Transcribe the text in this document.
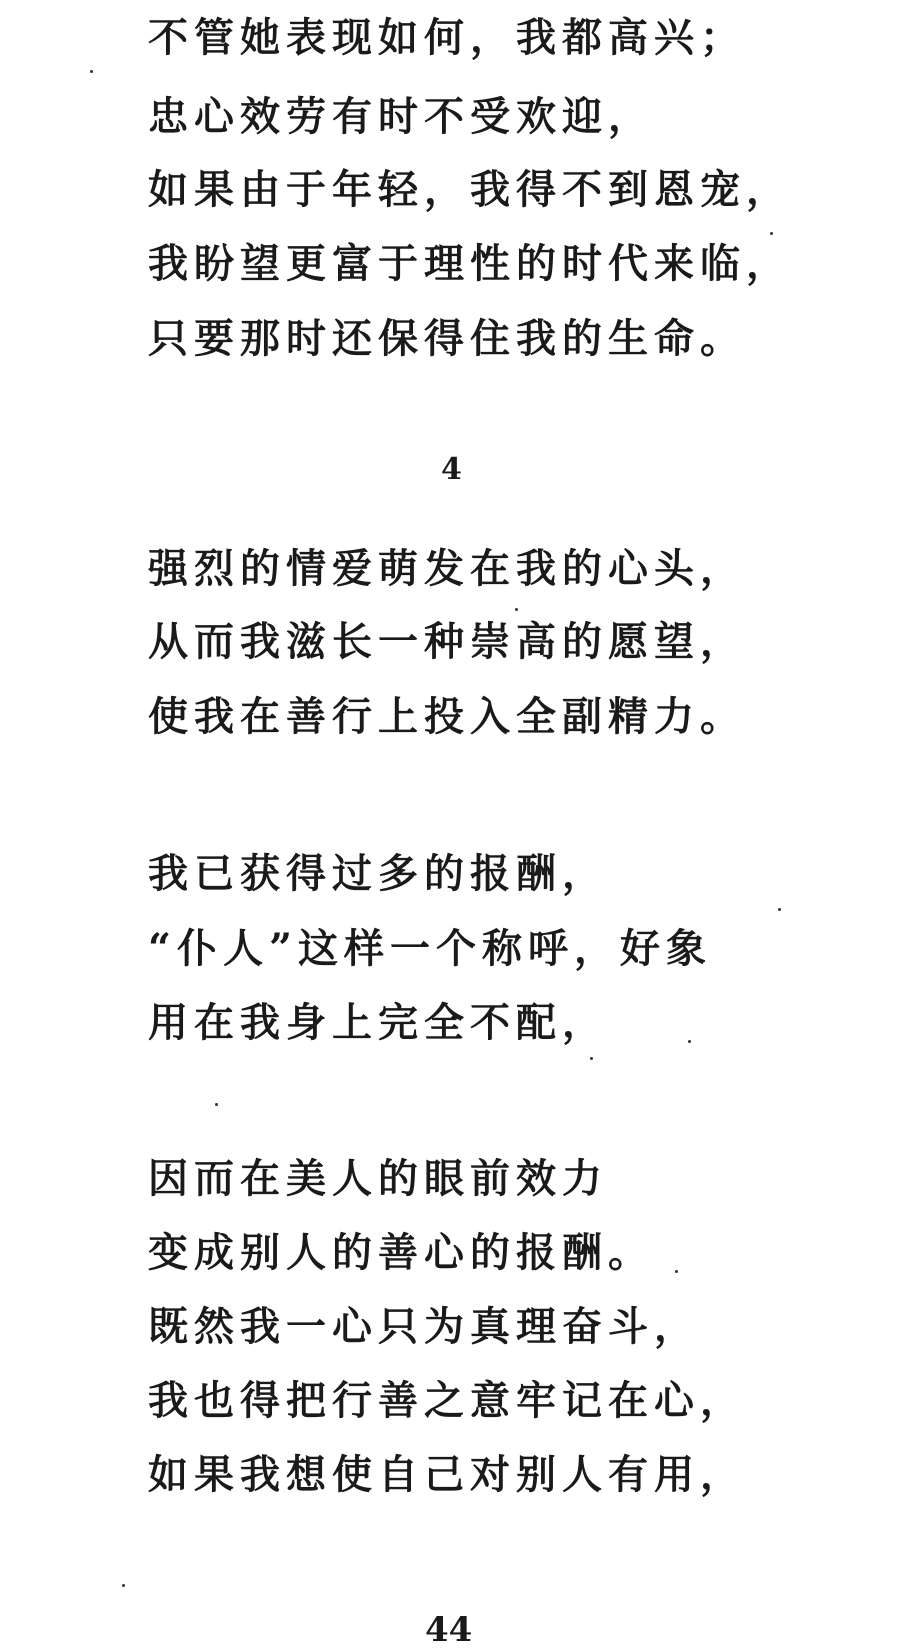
不管她表现如何，我都高兴；
忠心效劳有时不受欢迎，
如果由于年轻，我得不到恩宠，
我盼望更富于理性的时代来临，
只要那时还保得住我的生命。
4
强烈的情爱萌发在我的心头，
从而我滋长一种崇高的愿望，
使我在善行上投入全副精力。
我已获得过多的报酬，
“仆人”这样一个称呼，好象
用在我身上完全不配，
因而在美人的眼前效力
变成别人的善心的报酬。
既然我一心只为真理奋斗，
我也得把行善之意牢记在心，
如果我想使自己对别人有用，
44
